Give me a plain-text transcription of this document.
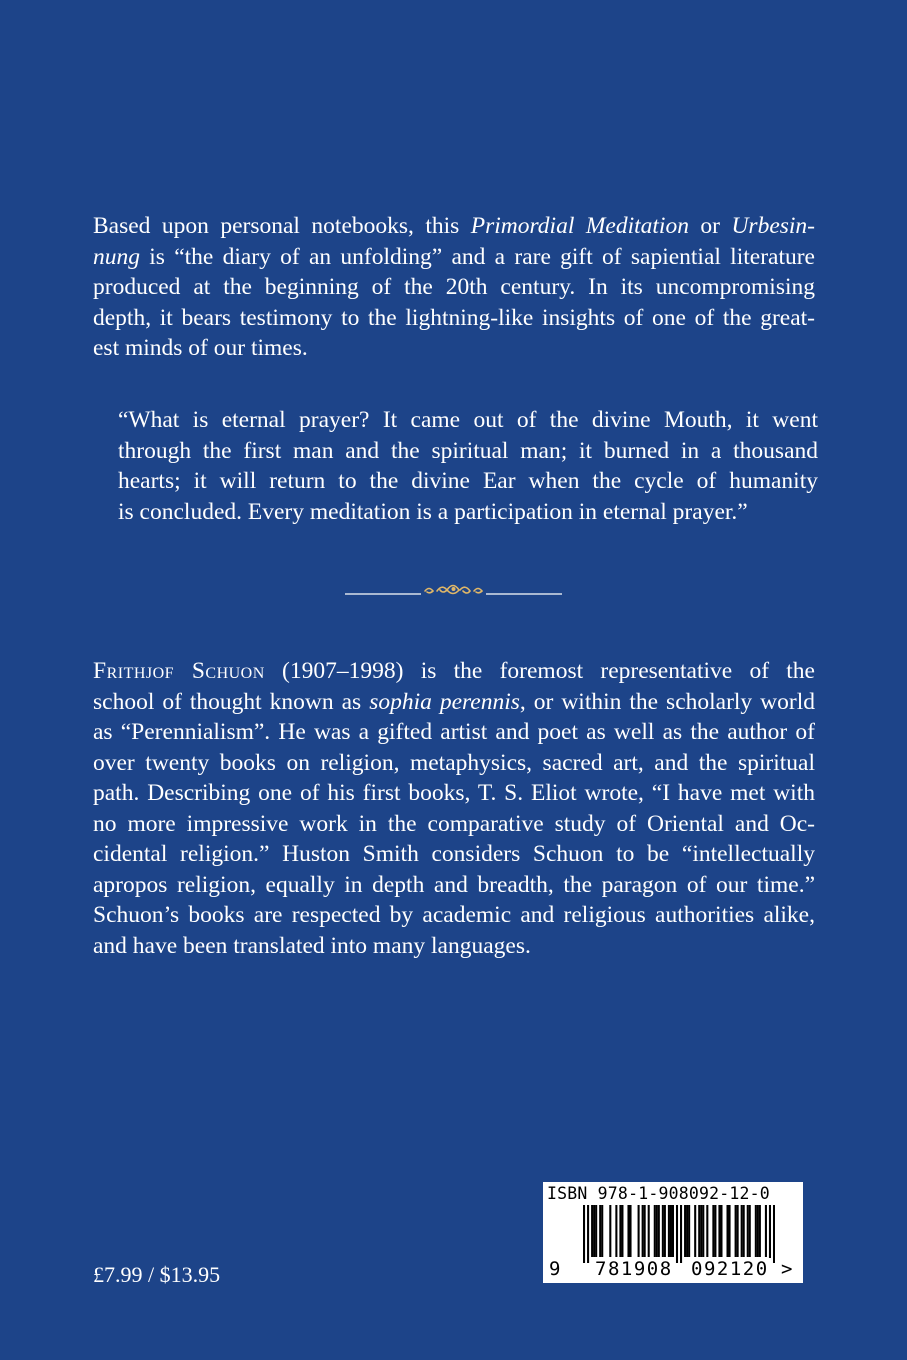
Based upon personal notebooks, this Primordial Meditation or Urbesin-
nung is “the diary of an unfolding” and a rare gift of sapiential literature
produced at the beginning of the 20th century. In its uncompromising
depth, it bears testimony to the lightning-like insights of one of the great-
est minds of our times.
“What is eternal prayer? It came out of the divine Mouth, it went
through the first man and the spiritual man; it burned in a thousand
hearts; it will return to the divine Ear when the cycle of humanity
is concluded. Every meditation is a participation in eternal prayer.”
Frithjof Schuon (1907–1998) is the foremost representative of the
school of thought known as sophia perennis, or within the scholarly world
as “Perennialism”. He was a gifted artist and poet as well as the author of
over twenty books on religion, metaphysics, sacred art, and the spiritual
path. Describing one of his first books, T. S. Eliot wrote, “I have met with
no more impressive work in the comparative study of Oriental and Oc-
cidental religion.” Huston Smith considers Schuon to be “intellectually
apropos religion, equally in depth and breadth, the paragon of our time.”
Schuon’s books are respected by academic and religious authorities alike,
and have been translated into many languages.
£7.99 / $13.95
ISBN 978-1-908092-12-0
9 781908 092120 >
